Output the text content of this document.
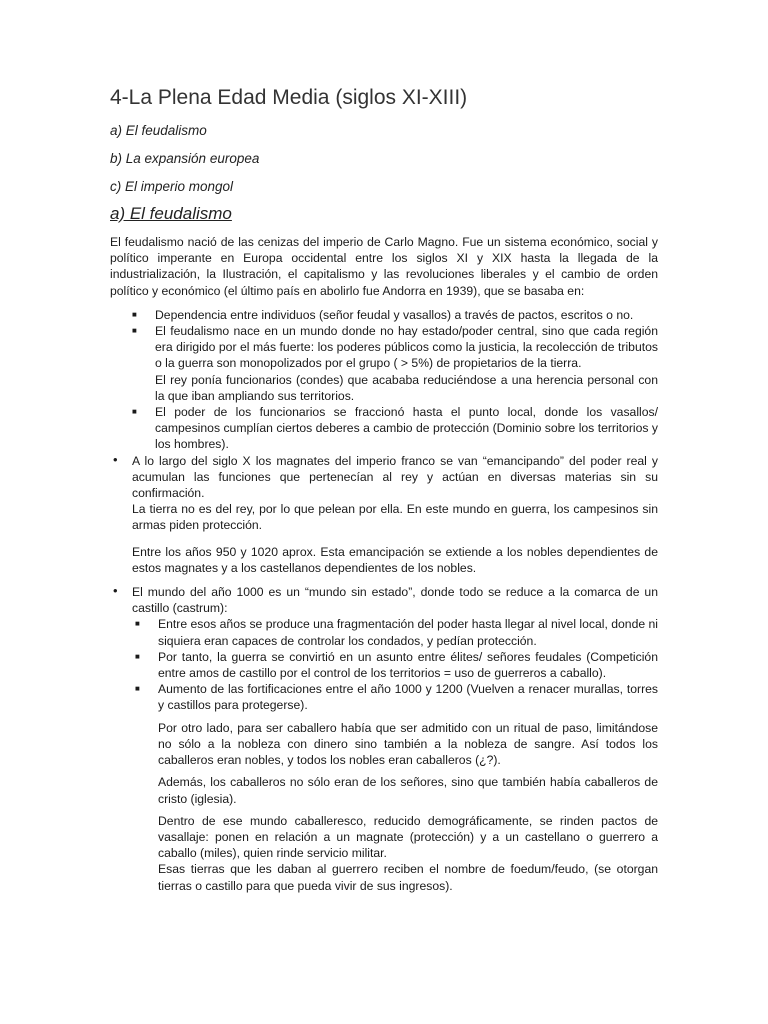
4-La Plena Edad Media (siglos XI-XIII)
a) El feudalismo
b) La expansión europea
c) El imperio mongol
a) El feudalismo

El feudalismo nació de las cenizas del imperio de Carlo Magno. Fue un sistema económico, social y político imperante en Europa occidental entre los siglos XI y XIX hasta la llegada de la industrialización, la Ilustración, el capitalismo y las revoluciones liberales y el cambio de orden político y económico (el último país en abolirlo fue Andorra en 1939), que se basaba en:

■ Dependencia entre individuos (señor feudal y vasallos) a través de pactos, escritos o no.
■ El feudalismo nace en un mundo donde no hay estado/poder central, sino que cada región era dirigido por el más fuerte: los poderes públicos como la justicia, la recolección de tributos o la guerra son monopolizados por el grupo ( > 5%) de propietarios de la tierra.

El rey ponía funcionarios (condes) que acababa reduciéndose a una herencia personal con la que iban ampliando sus territorios.

■ El poder de los funcionarios se fraccionó hasta el punto local, donde los vasallos/ campesinos cumplían ciertos deberes a cambio de protección (Dominio sobre los territorios y los hombres).
• A lo largo del siglo X los magnates del imperio franco se van “emancipando” del poder real y acumulan las funciones que pertenecían al rey y actúan en diversas materias sin su confirmación.

La tierra no es del rey, por lo que pelean por ella. En este mundo en guerra, los campesinos sin armas piden protección.

Entre los años 950 y 1020 aprox. Esta emancipación se extiende a los nobles dependientes de estos magnates y a los castellanos dependientes de los nobles.

• El mundo del año 1000 es un “mundo sin estado”, donde todo se reduce a la comarca de un castillo (castrum):

■ Entre esos años se produce una fragmentación del poder hasta llegar al nivel local, donde ni siquiera eran capaces de controlar los condados, y pedían protección.
■ Por tanto, la guerra se convirtió en un asunto entre élites/ señores feudales (Competición entre amos de castillo por el control de los territorios = uso de guerreros a caballo).
■ Aumento de las fortificaciones entre el año 1000 y 1200 (Vuelven a renacer murallas, torres y castillos para protegerse).

Por otro lado, para ser caballero había que ser admitido con un ritual de paso, limitándose no sólo a la nobleza con dinero sino también a la nobleza de sangre. Así todos los caballeros eran nobles, y todos los nobles eran caballeros (¿?).

Además, los caballeros no sólo eran de los señores, sino que también había caballeros de cristo (iglesia).

Dentro de ese mundo caballeresco, reducido demográficamente, se rinden pactos de vasallaje: ponen en relación a un magnate (protección) y a un castellano o guerrero a caballo (miles), quien rinde servicio militar.

Esas tierras que les daban al guerrero reciben el nombre de foedum/feudo, (se otorgan tierras o castillo para que pueda vivir de sus ingresos).
